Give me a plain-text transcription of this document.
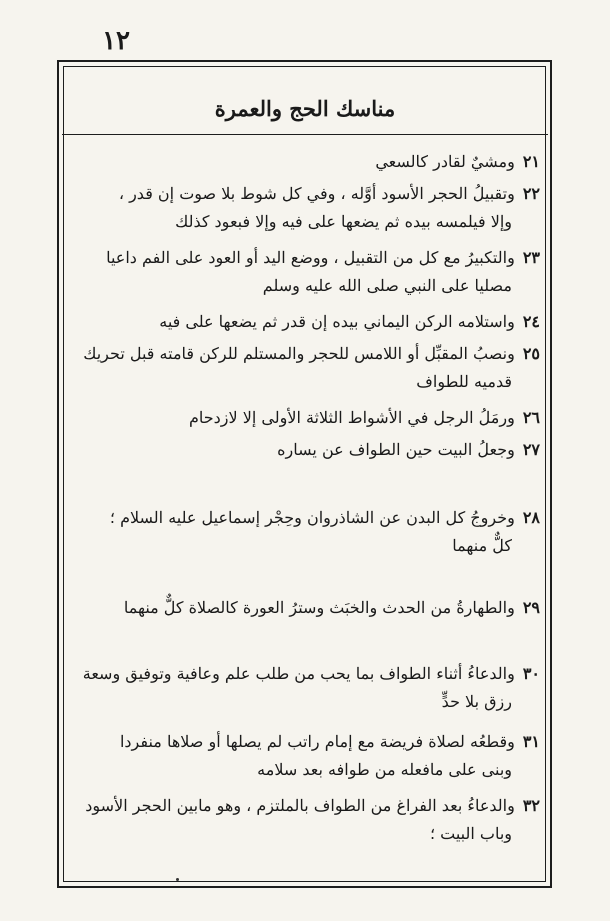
١٢
مناسك الحج والعمرة
٢١ومشيٌ لقادر كالسعي
٢٢وتقبيلُ الحجر الأسود أوَّله ، وفي كل شوط بلا صوت إن قدر ،
وإلا فيلمسه بيده ثم يضعها على فيه وإلا فبعود كذلك
٢٣والتكبيرُ مع كل من التقبيل ، ووضع اليد أو العود على الفم داعيا
مصليا على النبي صلى الله عليه وسلم
٢٤واستلامه الركن اليماني بيده إن قدر ثم يضعها على فيه
٢٥ونصبُ المقبِّل أو اللامس للحجر والمستلم للركن قامته قبل تحريك
قدميه للطواف
٢٦ورمَلُ الرجل في الأشواط الثلاثة الأولى إلا لازدحام
٢٧وجعلُ البيت حين الطواف عن يساره
٢٨وخروجُ كل البدن عن الشاذروان وحِجْر إسماعيل عليه السلام ؛
كلٌّ منهما
٢٩والطهارةُ من الحدث والخبَث وسترُ العورة كالصلاة كلٌّ منهما
٣٠والدعاءُ أثناء الطواف بما يحب من طلب علم وعافية وتوفيق وسعة
رزق بلا حدٍّ
٣١وقطعُه لصلاة فريضة مع إمام راتب لم يصلها أو صلاها منفردا
وبنى على مافعله من طوافه بعد سلامه
٣٢والدعاءُ بعد الفراغ من الطواف بالملتزم ، وهو مابين الحجر الأسود
وباب البيت ؛
